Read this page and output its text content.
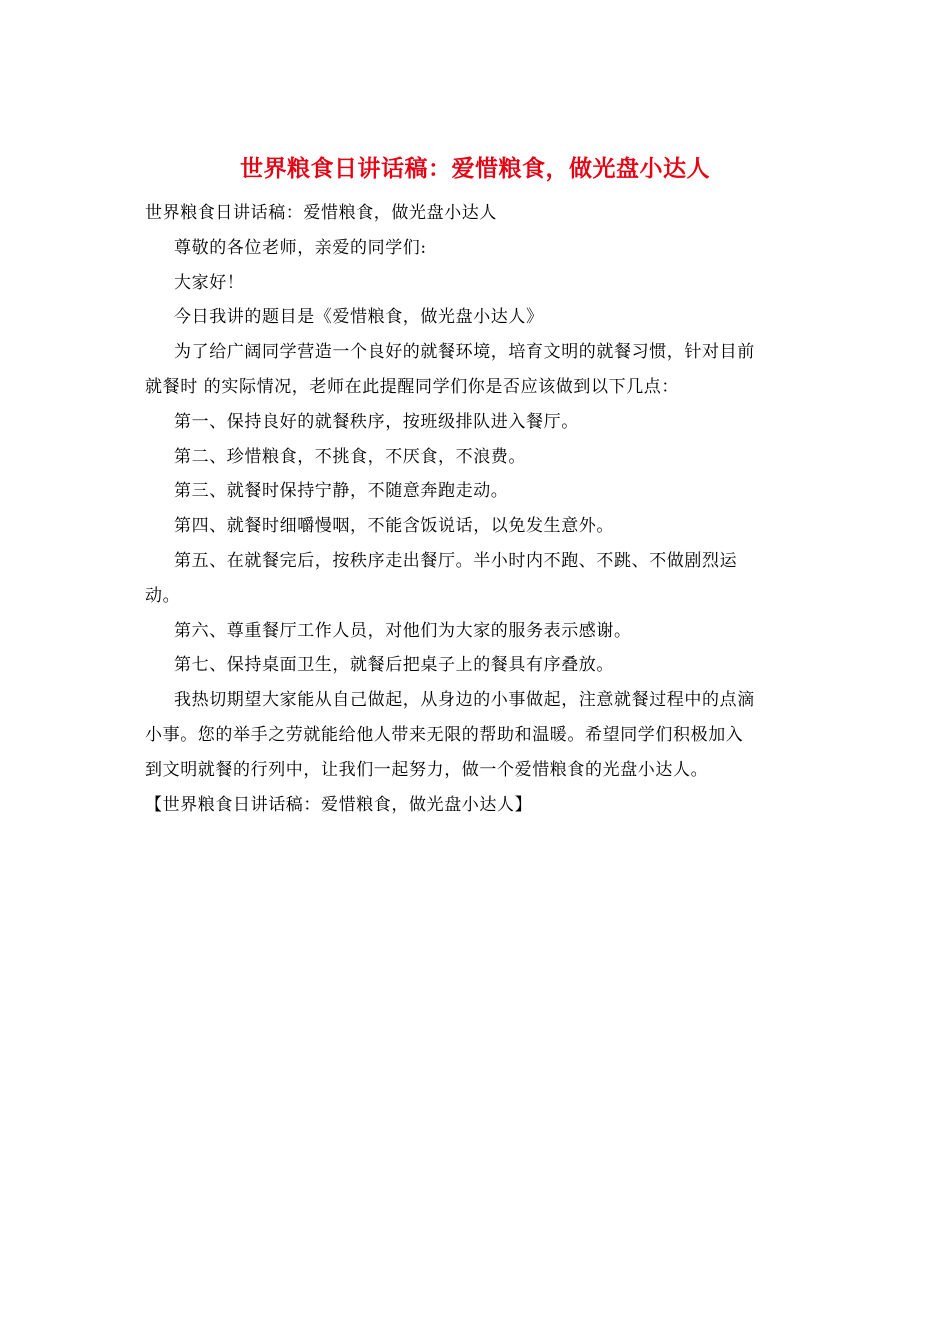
世界粮食日讲话稿：爱惜粮食，做光盘小达人

世界粮食日讲话稿：爱惜粮食，做光盘小达人

尊敬的各位老师，亲爱的同学们:

大家好！

今日我讲的题目是《爱惜粮食，做光盘小达人》

为了给广阔同学营造一个良好的就餐环境，培育文明的就餐习惯，针对目前
就餐时 的实际情况，老师在此提醒同学们你是否应该做到以下几点：

第一、保持良好的就餐秩序，按班级排队进入餐厅。

第二、珍惜粮食，不挑食，不厌食，不浪费。

第三、就餐时保持宁静，不随意奔跑走动。

第四、就餐时细嚼慢咽，不能含饭说话，以免发生意外。

第五、在就餐完后，按秩序走出餐厅。半小时内不跑、不跳、不做剧烈运
动。

第六、尊重餐厅工作人员，对他们为大家的服务表示感谢。

第七、保持桌面卫生，就餐后把桌子上的餐具有序叠放。

我热切期望大家能从自己做起，从身边的小事做起，注意就餐过程中的点滴
小事。您的举手之劳就能给他人带来无限的帮助和温暖。希望同学们积极加入
到文明就餐的行列中，让我们一起努力，做一个爱惜粮食的光盘小达人。

【世界粮食日讲话稿：爱惜粮食，做光盘小达人】
